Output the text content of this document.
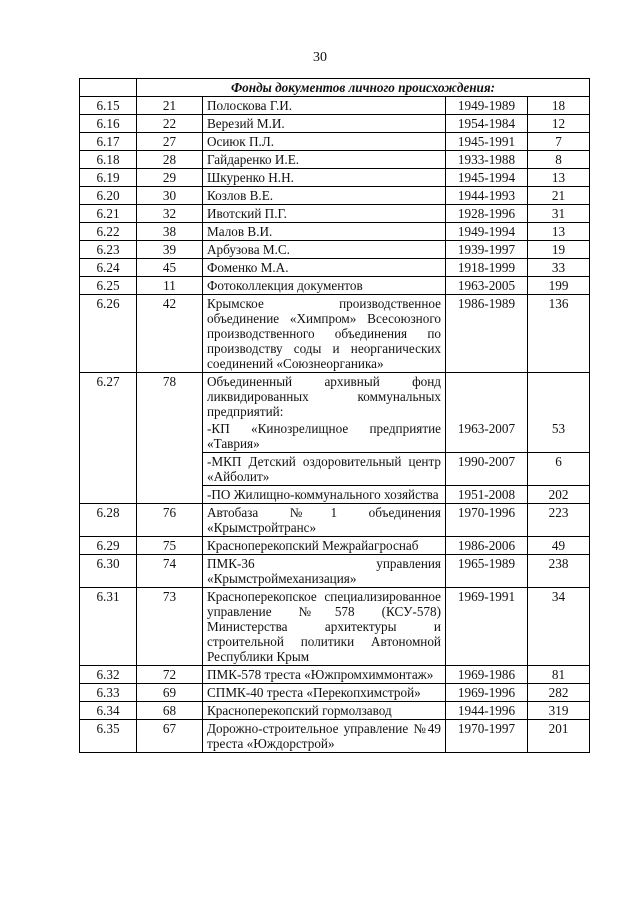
30
	Фонды документов личного происхождения:			
6.15	21	Полоскова Г.И.	1949-1989	18
6.16	22	Верезий М.И.	1954-1984	12
6.17	27	Осиюк П.Л.	1945-1991	7
6.18	28	Гайдаренко И.Е.	1933-1988	8
6.19	29	Шкуренко Н.Н.	1945-1994	13
6.20	30	Козлов В.Е.	1944-1993	21
6.21	32	Ивотский П.Г.	1928-1996	31
6.22	38	Малов В.И.	1949-1994	13
6.23	39	Арбузова М.С.	1939-1997	19
6.24	45	Фоменко М.А.	1918-1999	33
6.25	11	Фотоколлекция документов	1963-2005	199
6.26	42	Крымское производственное объединение «Химпром» Всесоюзного производственного объединения по производству соды и неорганических соединений «Союзнеорганика»	1986-1989	136
6.27	78	Объединенный архивный фонд ликвидированных коммунальных предприятий:		
		-КП «Кинозрелищное предприятие «Таврия»	1963-2007	53
		-МКП Детский оздоровительный центр «Айболит»	1990-2007	6
		-ПО Жилищно-коммунального хозяйства	1951-2008	202
6.28	76	Автобаза №1 объединения «Крымстройтранс»	1970-1996	223
6.29	75	Красноперекопский Межрайагроснаб	1986-2006	49
6.30	74	ПМК-36 управления «Крымстроймеханизация»	1965-1989	238
6.31	73	Красноперекопское специализированное управление №578 (КСУ-578) Министерства архитектуры и строительной политики Автономной Республики Крым	1969-1991	34
6.32	72	ПМК-578 треста «Южпромхиммонтаж»	1969-1986	81
6.33	69	СПМК-40 треста «Перекопхимстрой»	1969-1996	282
6.34	68	Красноперекопский гормолзавод	1944-1996	319
6.35	67	Дорожно-строительное управление №49 треста «Юждорстрой»	1970-1997	201
